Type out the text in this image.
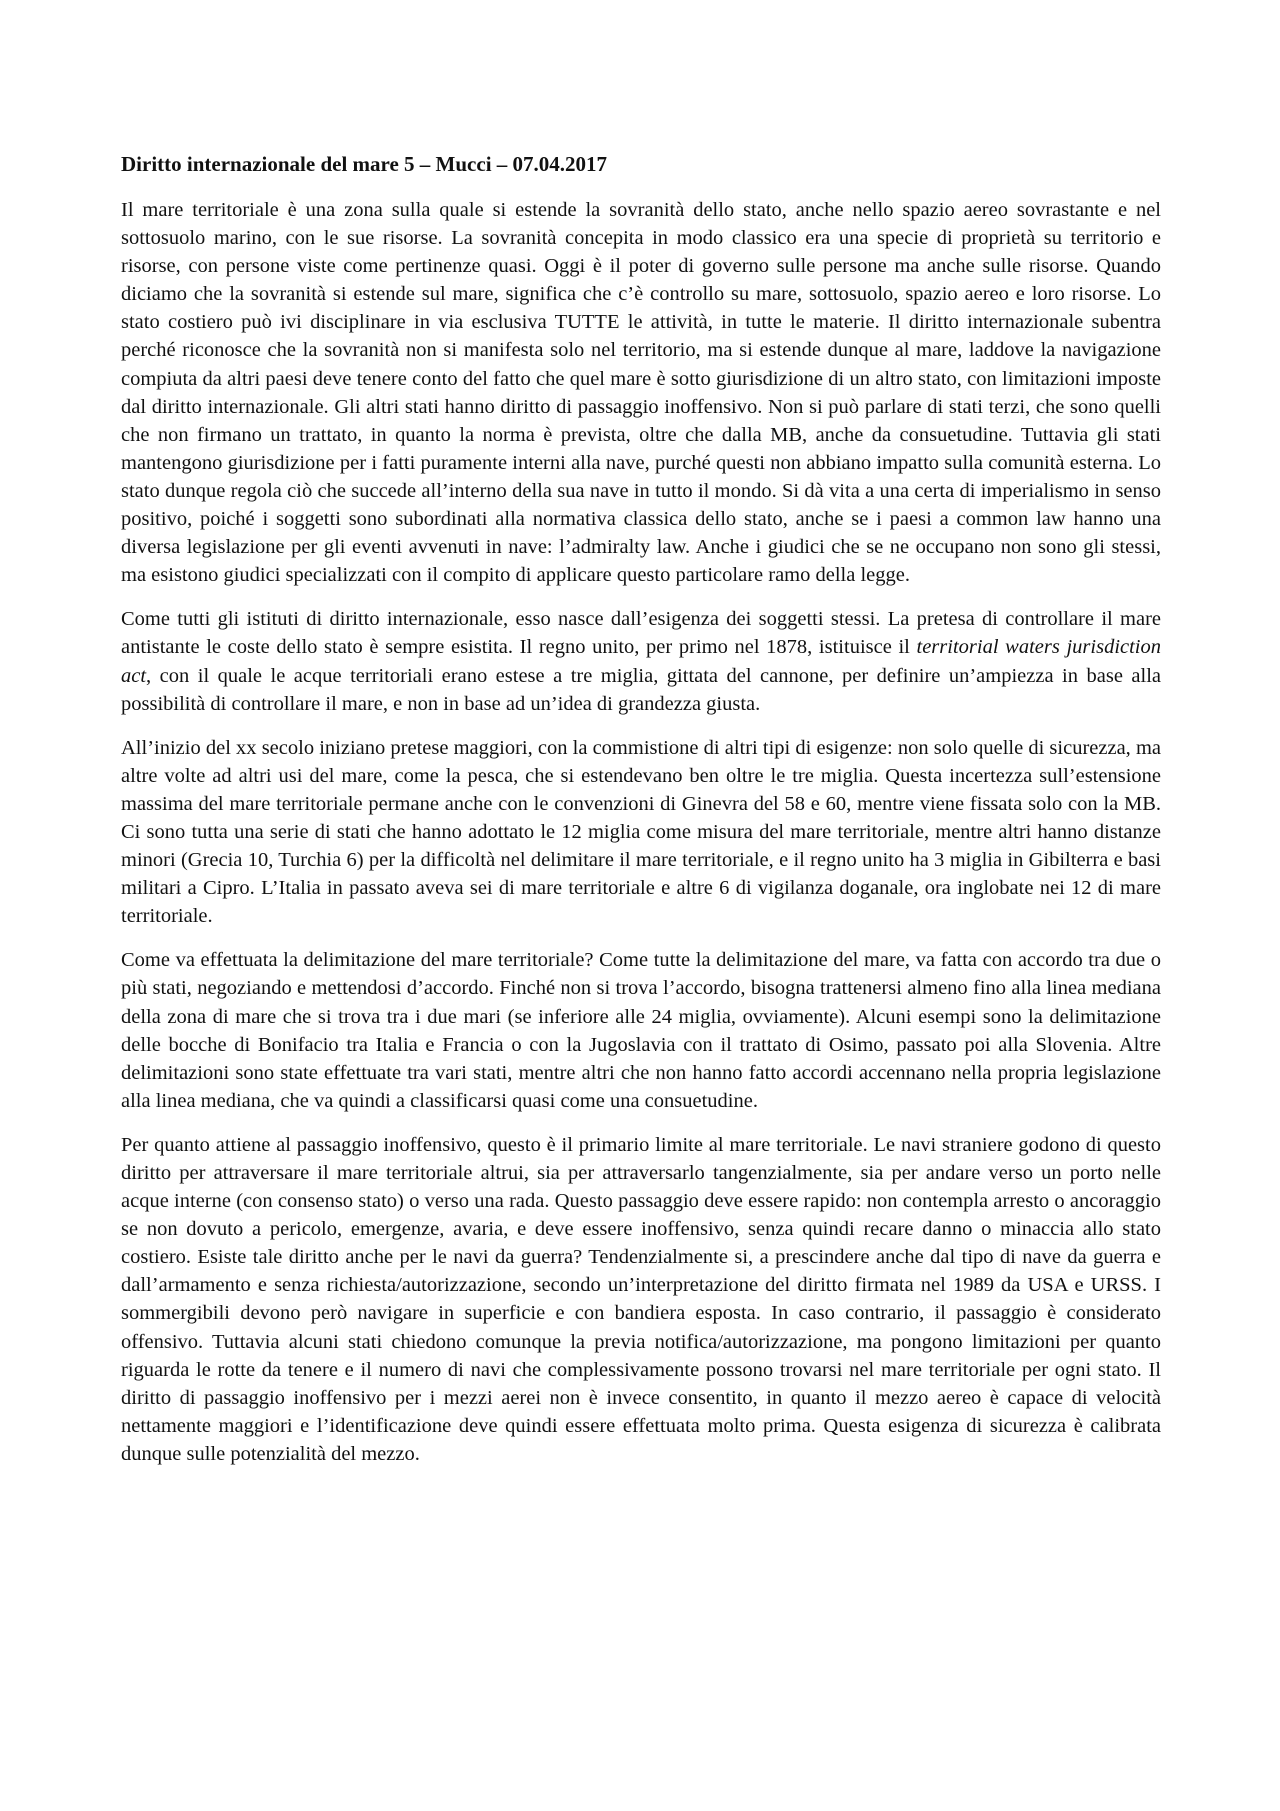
Diritto internazionale del mare 5 – Mucci – 07.04.2017

Il mare territoriale è una zona sulla quale si estende la sovranità dello stato, anche nello spazio aereo sovrastante e nel sottosuolo marino, con le sue risorse. La sovranità concepita in modo classico era una specie di proprietà su territorio e risorse, con persone viste come pertinenze quasi. Oggi è il poter di governo sulle persone ma anche sulle risorse. Quando diciamo che la sovranità si estende sul mare, significa che c’è controllo su mare, sottosuolo, spazio aereo e loro risorse. Lo stato costiero può ivi disciplinare in via esclusiva TUTTE le attività, in tutte le materie. Il diritto internazionale subentra perché riconosce che la sovranità non si manifesta solo nel territorio, ma si estende dunque al mare, laddove la navigazione compiuta da altri paesi deve tenere conto del fatto che quel mare è sotto giurisdizione di un altro stato, con limitazioni imposte dal diritto internazionale. Gli altri stati hanno diritto di passaggio inoffensivo. Non si può parlare di stati terzi, che sono quelli che non firmano un trattato, in quanto la norma è prevista, oltre che dalla MB, anche da consuetudine. Tuttavia gli stati mantengono giurisdizione per i fatti puramente interni alla nave, purché questi non abbiano impatto sulla comunità esterna. Lo stato dunque regola ciò che succede all’interno della sua nave in tutto il mondo. Si dà vita a una certa di imperialismo in senso positivo, poiché i soggetti sono subordinati alla normativa classica dello stato, anche se i paesi a common law hanno una diversa legislazione per gli eventi avvenuti in nave: l’admiralty law. Anche i giudici che se ne occupano non sono gli stessi, ma esistono giudici specializzati con il compito di applicare questo particolare ramo della legge.

Come tutti gli istituti di diritto internazionale, esso nasce dall’esigenza dei soggetti stessi. La pretesa di controllare il mare antistante le coste dello stato è sempre esistita. Il regno unito, per primo nel 1878, istituisce il territorial waters jurisdiction act, con il quale le acque territoriali erano estese a tre miglia, gittata del cannone, per definire un’ampiezza in base alla possibilità di controllare il mare, e non in base ad un’idea di grandezza giusta.

All’inizio del xx secolo iniziano pretese maggiori, con la commistione di altri tipi di esigenze: non solo quelle di sicurezza, ma altre volte ad altri usi del mare, come la pesca, che si estendevano ben oltre le tre miglia. Questa incertezza sull’estensione massima del mare territoriale permane anche con le convenzioni di Ginevra del 58 e 60, mentre viene fissata solo con la MB. Ci sono tutta una serie di stati che hanno adottato le 12 miglia come misura del mare territoriale, mentre altri hanno distanze minori (Grecia 10, Turchia 6) per la difficoltà nel delimitare il mare territoriale, e il regno unito ha 3 miglia in Gibilterra e basi militari a Cipro. L’Italia in passato aveva sei di mare territoriale e altre 6 di vigilanza doganale, ora inglobate nei 12 di mare territoriale.

Come va effettuata la delimitazione del mare territoriale? Come tutte la delimitazione del mare, va fatta con accordo tra due o più stati, negoziando e mettendosi d’accordo. Finché non si trova l’accordo, bisogna trattenersi almeno fino alla linea mediana della zona di mare che si trova tra i due mari (se inferiore alle 24 miglia, ovviamente). Alcuni esempi sono la delimitazione delle bocche di Bonifacio tra Italia e Francia o con la Jugoslavia con il trattato di Osimo, passato poi alla Slovenia. Altre delimitazioni sono state effettuate tra vari stati, mentre altri che non hanno fatto accordi accennano nella propria legislazione alla linea mediana, che va quindi a classificarsi quasi come una consuetudine.

Per quanto attiene al passaggio inoffensivo, questo è il primario limite al mare territoriale. Le navi straniere godono di questo diritto per attraversare il mare territoriale altrui, sia per attraversarlo tangenzialmente, sia per andare verso un porto nelle acque interne (con consenso stato) o verso una rada. Questo passaggio deve essere rapido: non contempla arresto o ancoraggio se non dovuto a pericolo, emergenze, avaria, e deve essere inoffensivo, senza quindi recare danno o minaccia allo stato costiero. Esiste tale diritto anche per le navi da guerra? Tendenzialmente si, a prescindere anche dal tipo di nave da guerra e dall’armamento e senza richiesta/autorizzazione, secondo un’interpretazione del diritto firmata nel 1989 da USA e URSS. I sommergibili devono però navigare in superficie e con bandiera esposta. In caso contrario, il passaggio è considerato offensivo. Tuttavia alcuni stati chiedono comunque la previa notifica/autorizzazione, ma pongono limitazioni per quanto riguarda le rotte da tenere e il numero di navi che complessivamente possono trovarsi nel mare territoriale per ogni stato. Il diritto di passaggio inoffensivo per i mezzi aerei non è invece consentito, in quanto il mezzo aereo è capace di velocità nettamente maggiori e l’identificazione deve quindi essere effettuata molto prima. Questa esigenza di sicurezza è calibrata dunque sulle potenzialità del mezzo.
